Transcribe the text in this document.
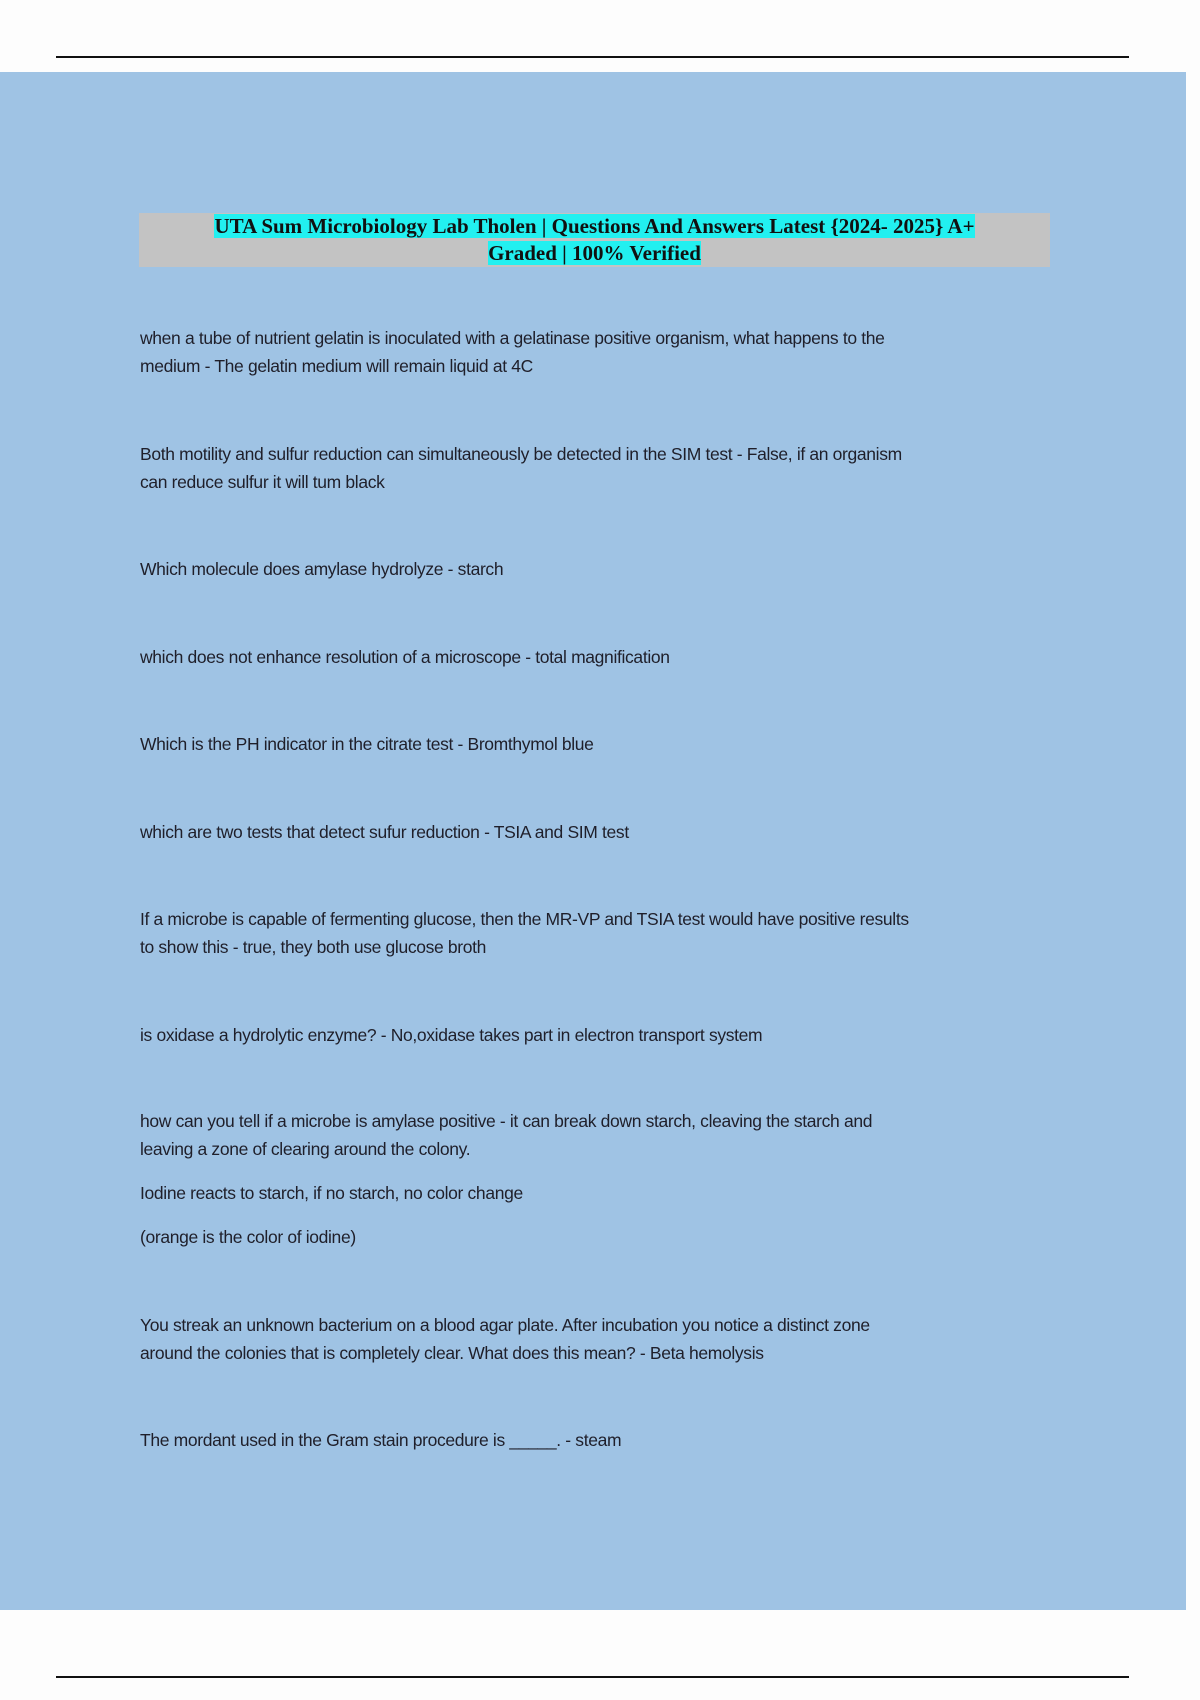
UTA Sum Microbiology Lab Tholen | Questions And Answers Latest {2024- 2025} A+
Graded | 100% Verified
when a tube of nutrient gelatin is inoculated with a gelatinase positive organism, what happens to the
medium - The gelatin medium will remain liquid at 4C
Both motility and sulfur reduction can simultaneously be detected in the SIM test - False, if an organism
can reduce sulfur it will tum black
Which molecule does amylase hydrolyze - starch
which does not enhance resolution of a microscope - total magnification
Which is the PH indicator in the citrate test - Bromthymol blue
which are two tests that detect sufur reduction - TSIA and SIM test
If a microbe is capable of fermenting glucose, then the MR-VP and TSIA test would have positive results
to show this - true, they both use glucose broth
is oxidase a hydrolytic enzyme? - No,oxidase takes part in electron transport system
how can you tell if a microbe is amylase positive - it can break down starch, cleaving the starch and
leaving a zone of clearing around the colony.
Iodine reacts to starch, if no starch, no color change
(orange is the color of iodine)
You streak an unknown bacterium on a blood agar plate. After incubation you notice a distinct zone
around the colonies that is completely clear. What does this mean? - Beta hemolysis
The mordant used in the Gram stain procedure is _____. - steam
